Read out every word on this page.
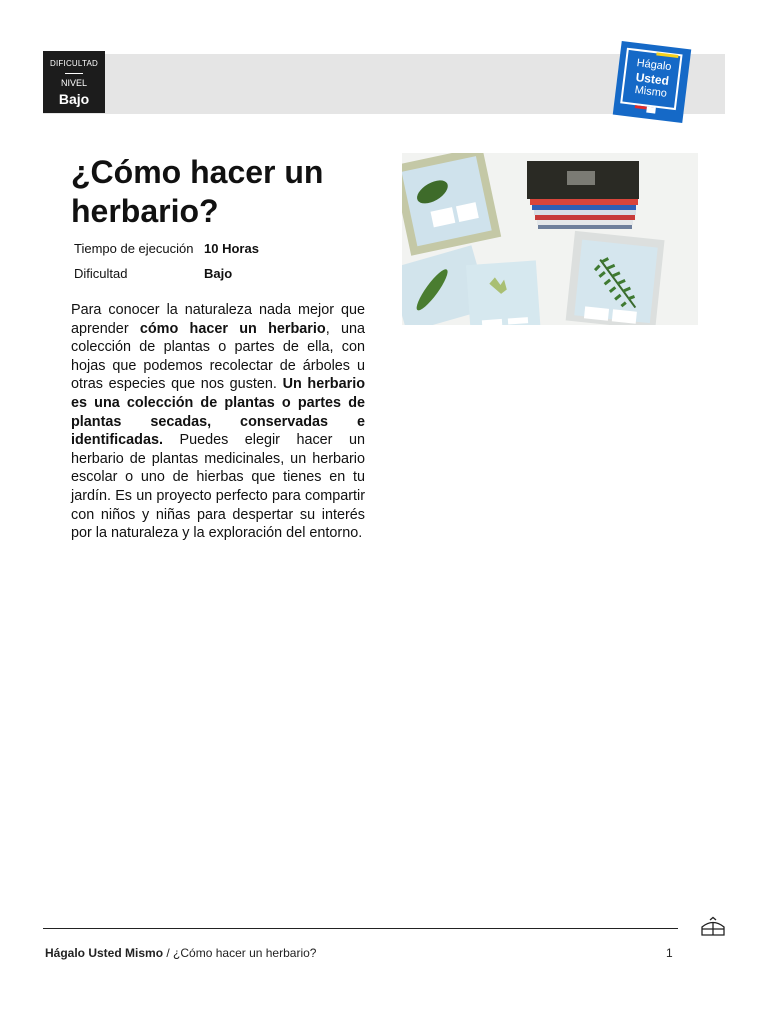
DIFICULTAD
NIVEL
Bajo
Hágalo
Usted
Mismo
¿Cómo hacer un herbario?
Tiempo de ejecución 10 Horas
Dificultad	Bajo

Para conocer la naturaleza nada mejor que aprender cómo hacer un herbario, una colección de plantas o partes de ella, con hojas que podemos recolectar de árboles u otras especies que nos gusten. Un herbario es una colección de plantas o partes de plantas secadas, conservadas e identificadas. Puedes elegir hacer un herbario de plantas medicinales, un herbario escolar o uno de hierbas que tienes en tu jardín. Es un proyecto perfecto para compartir con niños y niñas para despertar su interés por la naturaleza y la exploración del entorno.

Hágalo Usted Mismo / ¿Cómo hacer un herbario?	1
